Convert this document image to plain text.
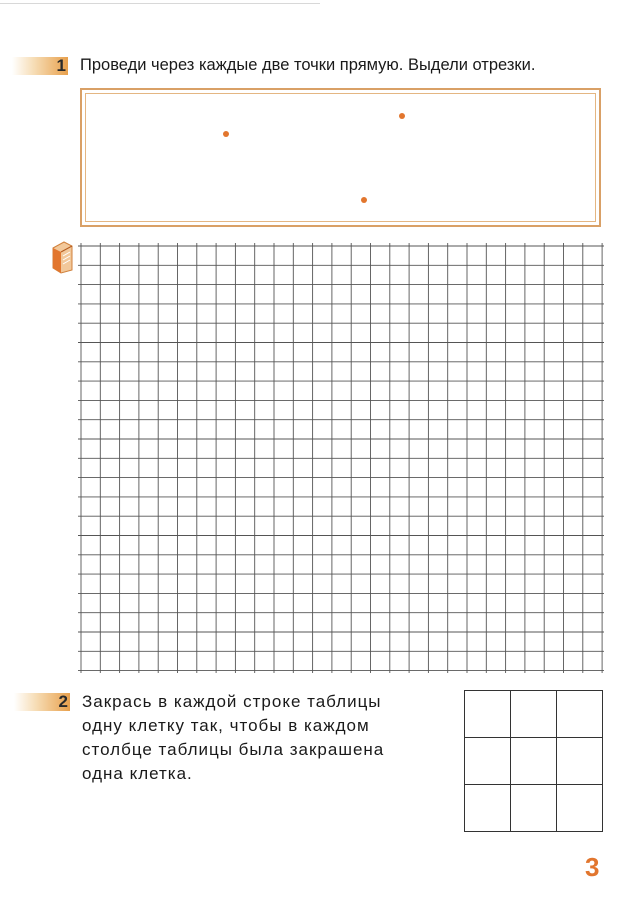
1 Проведи через каждые две точки прямую. Выдели отрезки.
2 Закрась в каждой строке таблицы
одну клетку так, чтобы в каждом
столбце таблицы была закрашена
одна клетка.

3
